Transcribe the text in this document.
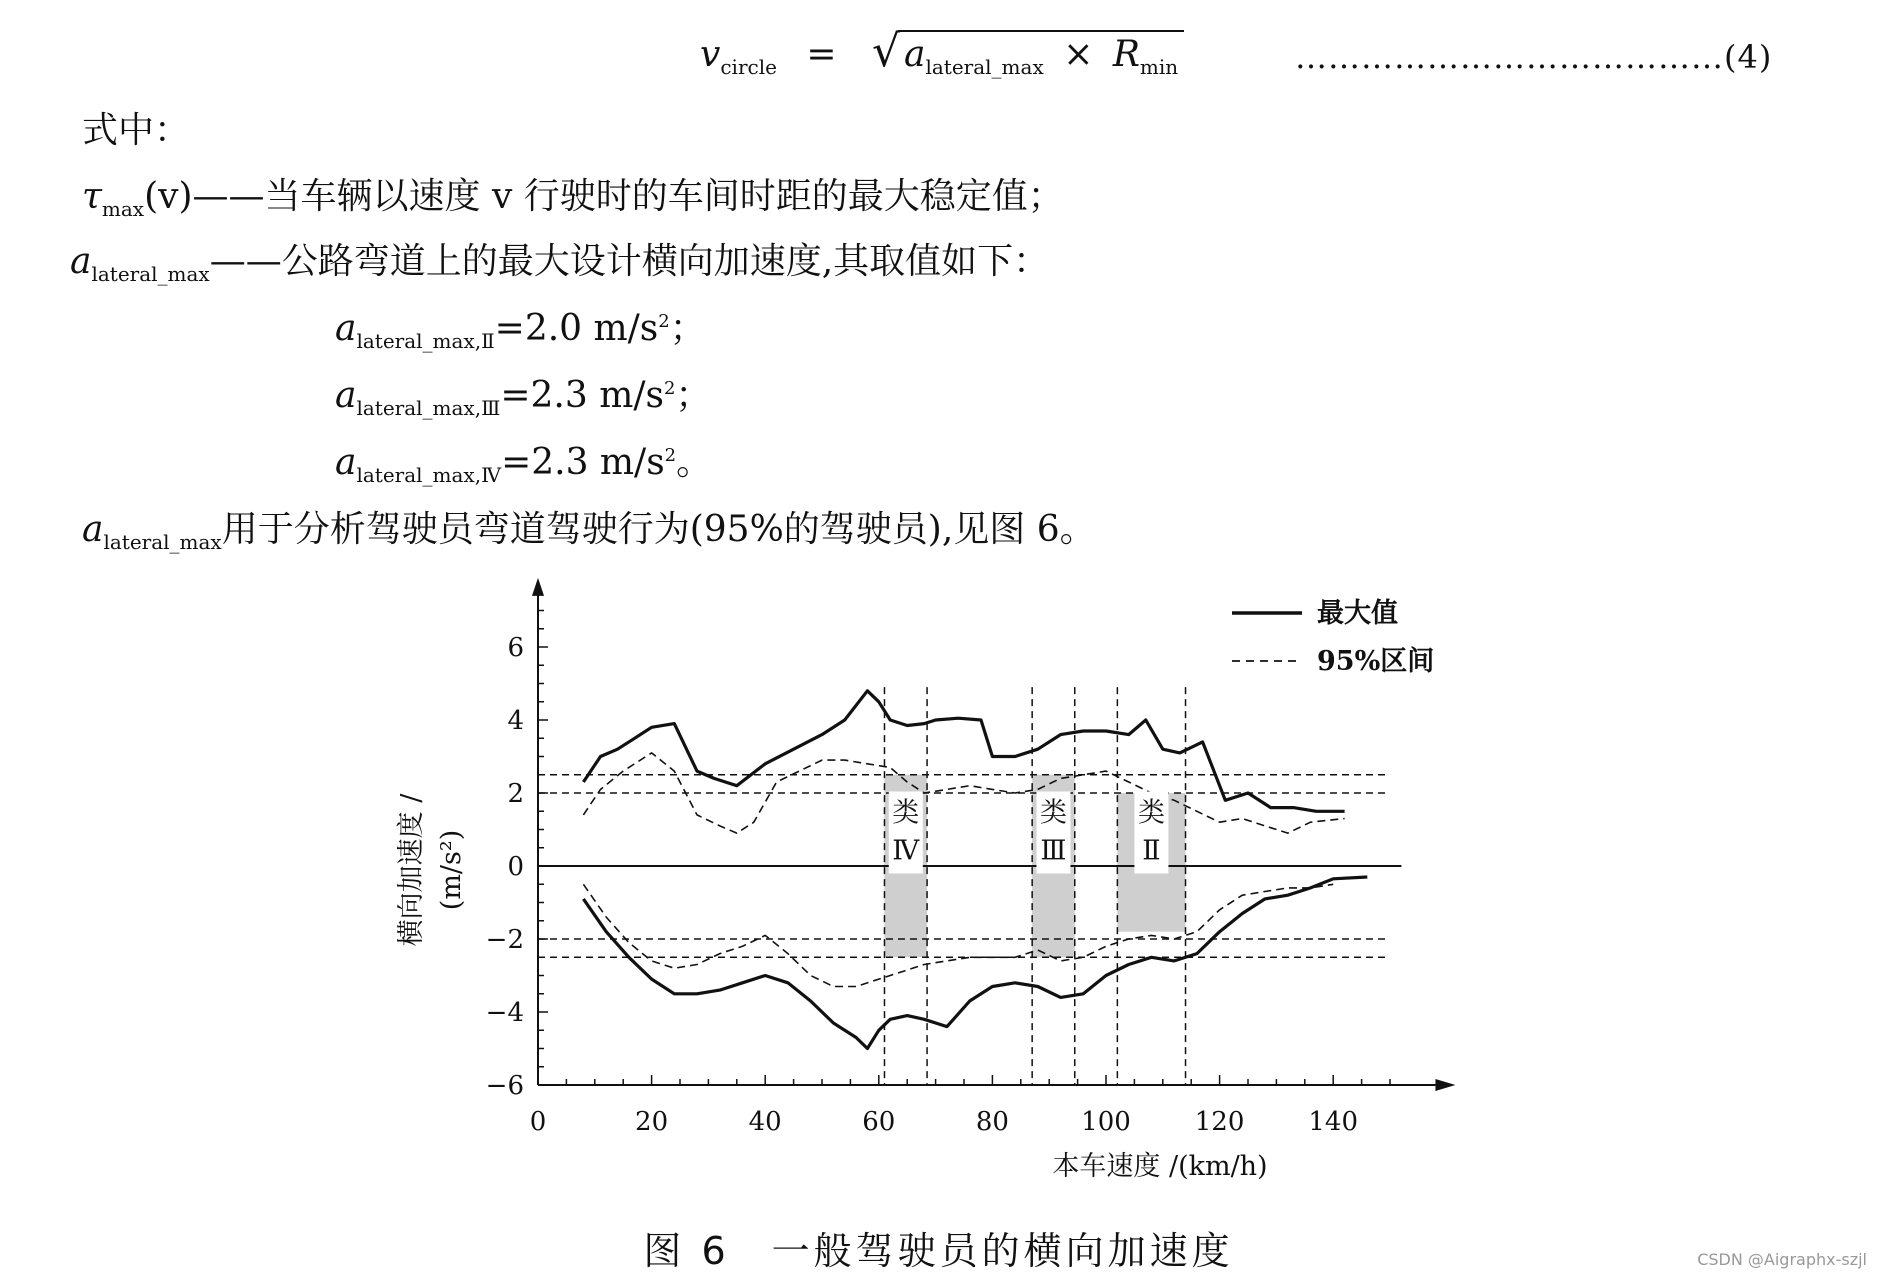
$v_{circle}$ = √ $a_{lateral\_max} \times R_{min}$	…………………………………(4)
式中：
$\tau_{max}(v)——$当车辆以速度 v 行驶时的车间时距的最大稳定值；
$a_{lateral\_max}——$公路弯道上的最大设计横向加速度,其取值如下：
$a_{lateral\_max,Ⅱ}=2.0$ $m/s^2$；
$a_{lateral\_max,Ⅲ}=2.3$ $m/s^2$；
$a_{lateral\_max,Ⅳ}=2.3$ $m/s^2$。
$a_{lateral\_max}$用于分析驾驶员弯道驾驶行为(95%的驾驶员),见图 6。
类
Ⅳ
类
Ⅲ
类
Ⅱ
−6
−4
−2
0
2
4
6
0	20	40	60	80	100 120 140
最大值
95%区间
本车速度 /(km/h)
横向加速度 / (m/s²)
图 6　一般驾驶员的横向加速度	CSDN @Aigraphx-szjl
